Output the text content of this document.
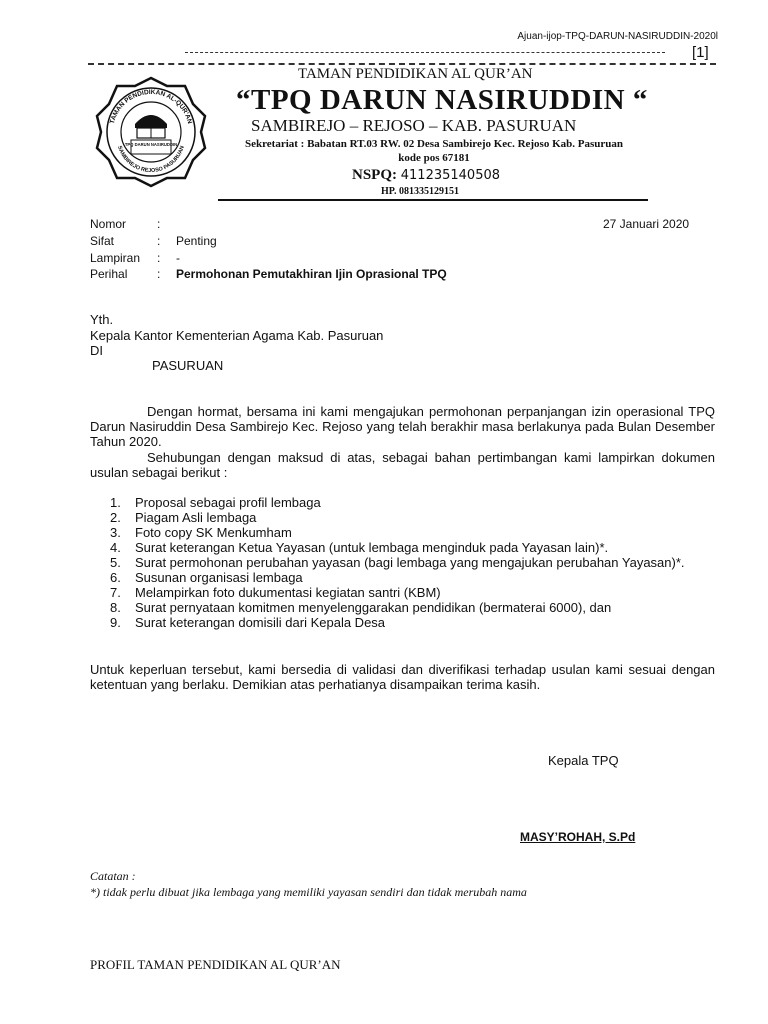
Ajuan-ijop-TPQ-DARUN-NASIRUDDIN-2020l
[1]
TAMAN PENDIDIKAN AL-QUR'AN
SAMBIREJO REJOSO PASURUAN
TPQ DARUN NASIRUDDIN
TAMAN PENDIDIKAN AL QUR’AN
“TPQ DARUN NASIRUDDIN “
SAMBIREJO – REJOSO – KAB. PASURUAN
Sekretariat : Babatan RT.03 RW. 02 Desa Sambirejo Kec. Rejoso Kab. Pasuruan
kode pos 67181
NSPQ: 411235140508
HP. 081335129151
Nomor	:	27 Januari 2020
Sifat	: Penting
Lampiran	: -
Perihal	: Permohonan Pemutakhiran Ijin Oprasional TPQ
Yth.
Kepala Kantor Kementerian Agama Kab. Pasuruan
DI
PASURUAN
Dengan hormat, bersama ini kami mengajukan permohonan perpanjangan izin operasional TPQ Darun Nasiruddin Desa Sambirejo Kec. Rejoso yang telah berakhir masa berlakunya pada Bulan Desember Tahun 2020.
Sehubungan dengan maksud di atas, sebagai bahan pertimbangan kami lampirkan dokumen usulan sebagai berikut :
1. Proposal sebagai profil lembaga
2. Piagam Asli lembaga
3. Foto copy SK Menkumham
4. Surat keterangan Ketua Yayasan (untuk lembaga menginduk pada Yayasan lain)*.
5. Surat permohonan perubahan yayasan (bagi lembaga yang mengajukan perubahan Yayasan)*.
6. Susunan organisasi lembaga
7. Melampirkan foto dukumentasi kegiatan santri (KBM)
8. Surat pernyataan komitmen menyelenggarakan pendidikan (bermaterai 6000), dan
9. Surat keterangan domisili dari Kepala Desa
Untuk keperluan tersebut, kami bersedia di validasi dan diverifikasi terhadap usulan kami sesuai dengan ketentuan yang berlaku. Demikian atas perhatianya disampaikan terima kasih.
Kepala TPQ
MASY’ROHAH, S.Pd
Catatan :
*) tidak perlu dibuat jika lembaga yang memiliki yayasan sendiri dan tidak merubah nama
PROFIL TAMAN PENDIDIKAN AL QUR’AN
